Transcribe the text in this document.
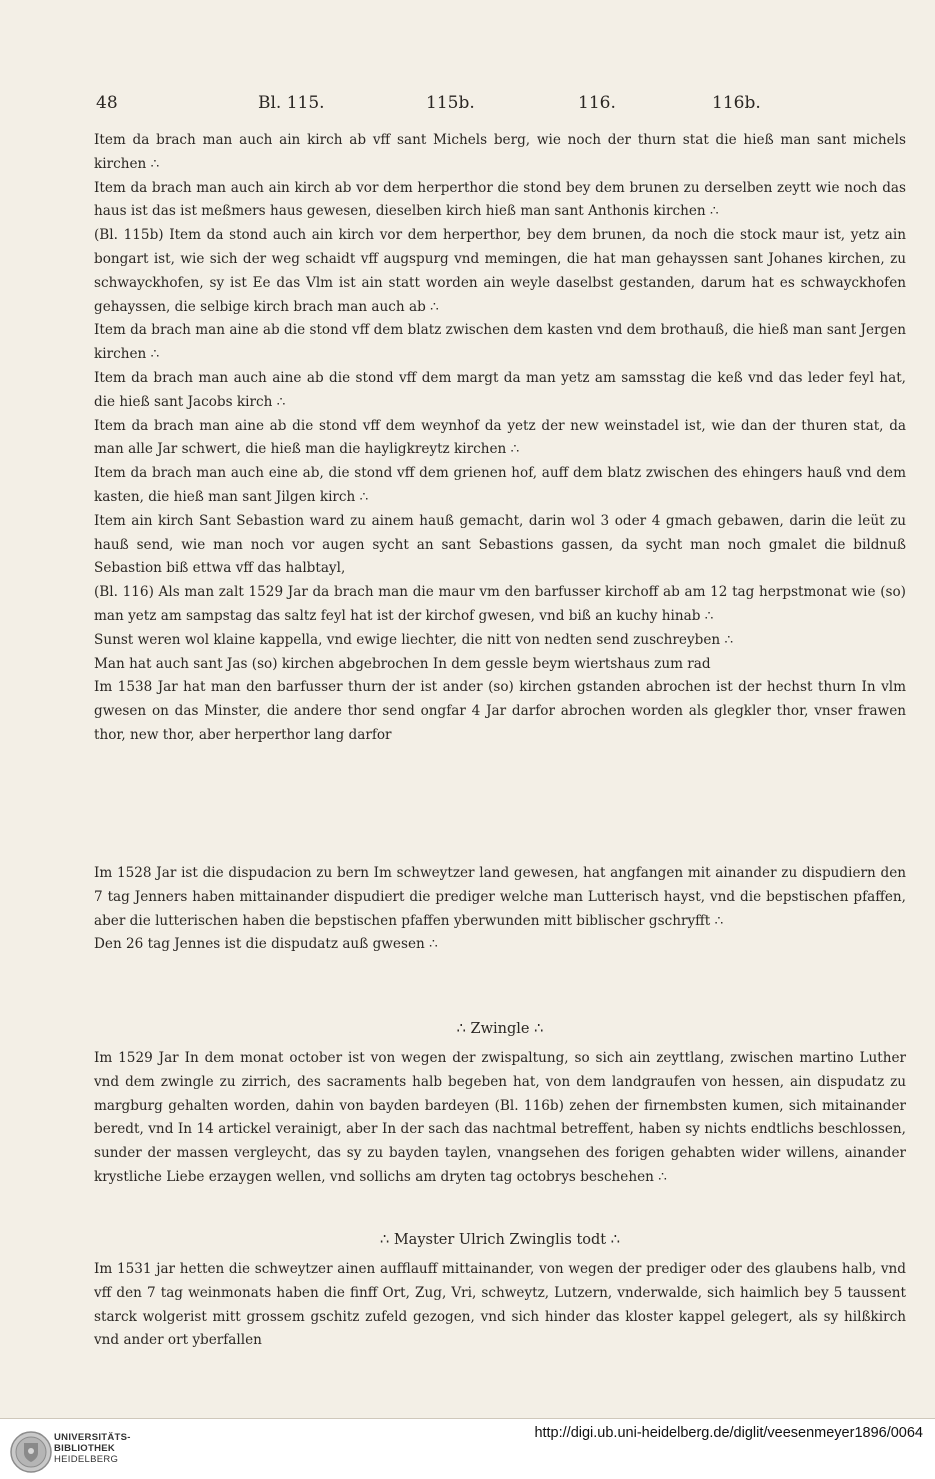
48	Bl. 115.	115b.	116.	116b.

Item da brach man auch ain kirch ab vff sant Michels berg, wie noch der thurn stat die hieß man sant michels kirchen ∴

Item da brach man auch ain kirch ab vor dem herperthor die stond bey dem brunen zu derselben zeytt wie noch das haus ist das ist meßmers haus gewesen, dieselben kirch hieß man sant Anthonis kirchen ∴

(Bl. 115b) Item da stond auch ain kirch vor dem herperthor, bey dem brunen, da noch die stock maur ist, yetz ain bongart ist, wie sich der weg schaidt vff augspurg vnd memingen, die hat man gehayssen sant Johanes kirchen, zu schwayckhofen, sy ist Ee das Vlm ist ain statt worden ain weyle daselbst gestanden, darum hat es schwayckhofen gehayssen, die selbige kirch brach man auch ab ∴

Item da brach man aine ab die stond vff dem blatz zwischen dem kasten vnd dem brothauß, die hieß man sant Jergen kirchen ∴

Item da brach man auch aine ab die stond vff dem margt da man yetz am samsstag die keß vnd das leder feyl hat, die hieß sant Jacobs kirch ∴

Item da brach man aine ab die stond vff dem weynhof da yetz der new weinstadel ist, wie dan der thuren stat, da man alle Jar schwert, die hieß man die hayligkreytz kirchen ∴

Item da brach man auch eine ab, die stond vff dem grienen hof, auff dem blatz zwischen des ehingers hauß vnd dem kasten, die hieß man sant Jilgen kirch ∴

Item ain kirch Sant Sebastion ward zu ainem hauß gemacht, darin wol 3 oder 4 gmach gebawen, darin die leüt zu hauß send, wie man noch vor augen sycht an sant Sebastions gassen, da sycht man noch gmalet die bildnuß Sebastion biß ettwa vff das halbtayl,

(Bl. 116) Als man zalt 1529 Jar da brach man die maur vm den barfusser kirchoff ab am 12 tag herpstmonat wie (so) man yetz am sampstag das saltz feyl hat ist der kirchof gwesen, vnd biß an kuchy hinab ∴

Sunst weren wol klaine kappella, vnd ewige liechter, die nitt von nedten send zuschreyben ∴

Man hat auch sant Jas (so) kirchen abgebrochen In dem gessle beym wiertshaus zum rad

Im 1538 Jar hat man den barfusser thurn der ist ander (so) kirchen gstanden abrochen ist der hechst thurn In vlm gwesen on das Minster, die andere thor send ongfar 4 Jar darfor abrochen worden als glegkler thor, vnser frawen thor, new thor, aber herperthor lang darfor

Im 1528 Jar ist die dispudacion zu bern Im schweytzer land gewesen, hat angfangen mit ainander zu dispudiern den 7 tag Jenners haben mittainander dispudiert die prediger welche man Lutterisch hayst, vnd die bepstischen pfaffen, aber die lutterischen haben die bepstischen pfaffen yberwunden mitt biblischer gschryfft ∴

Den 26 tag Jennes ist die dispudatz auß gwesen ∴

∴ Zwingle ∴

Im 1529 Jar In dem monat october ist von wegen der zwispaltung, so sich ain zeyttlang, zwischen martino Luther vnd dem zwingle zu zirrich, des sacraments halb begeben hat, von dem landgraufen von hessen, ain dispudatz zu margburg gehalten worden, dahin von bayden bardeyen (Bl. 116b) zehen der firnembsten kumen, sich mitainander beredt, vnd In 14 artickel verainigt, aber In der sach das nachtmal betreffent, haben sy nichts endtlichs beschlossen, sunder der massen vergleycht, das sy zu bayden taylen, vnangsehen des forigen gehabten wider willens, ainander krystliche Liebe erzaygen wellen, vnd sollichs am dryten tag octobrys beschehen ∴

∴ Mayster Ulrich Zwinglis todt ∴

Im 1531 jar hetten die schweytzer ainen aufflauff mittainander, von wegen der prediger oder des glaubens halb, vnd vff den 7 tag weinmonats haben die finff Ort, Zug, Vri, schweytz, Lutzern, vnderwalde, sich haimlich bey 5 taussent starck wolgerist mitt grossem gschitz zufeld gezogen, vnd sich hinder das kloster kappel gelegert, als sy hilßkirch vnd ander ort yberfallen

UNIVERSITÄTS-
BIBLIOTHEK
HEIDELBERG
http://digi.ub.uni-heidelberg.de/diglit/veesenmeyer1896/0064
